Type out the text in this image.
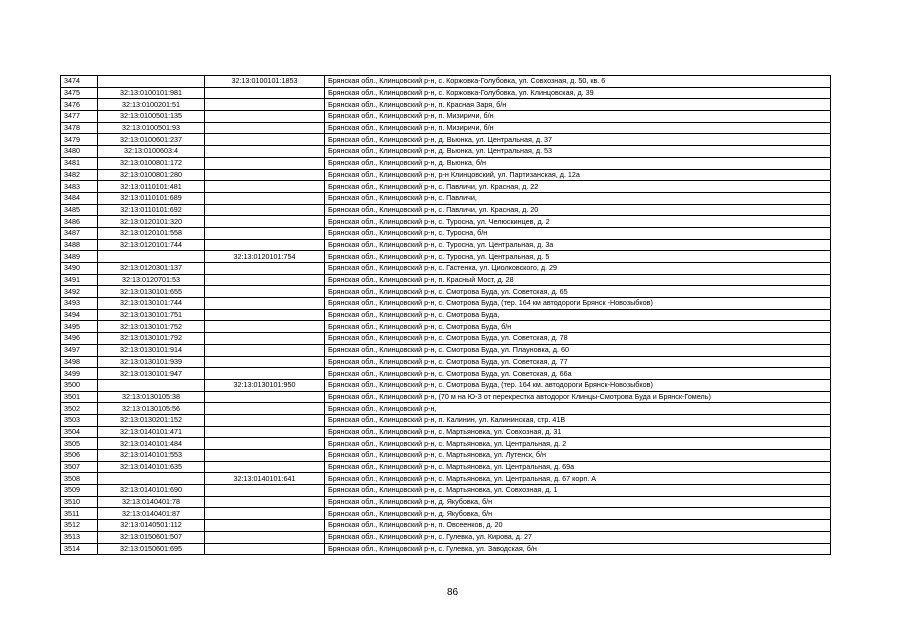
3474		32:13:0100101:1853	Брянская обл., Клинцовский р-н, с. Коржовка-Голубовка, ул. Совхозная, д. 50, кв. 6
3475	32:13:0100101:981		Брянская обл., Клинцовский р-н, с. Коржовка-Голубовка, ул. Клинцовская, д. 39
3476	32:13:0100201:51		Брянская обл., Клинцовский р-н, п. Красная Заря, б/н
3477	32:13:0100501:135		Брянская обл., Клинцовский р-н, п. Мизиричи, б/н
3478	32:13:0100501:93		Брянская обл., Клинцовский р-н, п. Мизиричи, б/н
3479	32:13:0100601:237		Брянская обл., Клинцовский р-н, д. Вьюнка, ул. Центральная, д. 37
3480	32:13:0100603:4		Брянская обл., Клинцовский р-н, д. Вьюнка, ул. Центральная, д. 53
3481	32:13:0100801:172		Брянская обл., Клинцовский р-н, д. Вьюнка, б/н
3482	32:13:0100801:280		Брянская обл., Клинцовский р-н, р-н Клинцовский, ул. Партизанская, д. 12а
3483	32:13:0110101:481		Брянская обл., Клинцовский р-н, с. Павличи, ул. Красная, д. 22
3484	32:13:0110101:689		Брянская обл., Клинцовский р-н, с. Павличи,
3485	32:13:0110101:692		Брянская обл., Клинцовский р-н, с. Павличи, ул. Красная, д. 20
3486	32:13:0120101:320		Брянская обл., Клинцовский р-н, с. Туросна, ул. Челюскинцев, д. 2
3487	32:13:0120101:558		Брянская обл., Клинцовский р-н, с. Туросна, б/н
3488	32:13:0120101:744		Брянская обл., Клинцовский р-н, с. Туросна, ул. Центральная, д. 3а
3489		32:13:0120101:754	Брянская обл., Клинцовский р-н, с. Туросна, ул. Центральная, д. 5
3490	32:13:0120301:137		Брянская обл., Клинцовский р-н, с. Гастенка, ул. Циолковского, д. 29
3491	32:13:0120701:53		Брянская обл., Клинцовский р-н, п. Красный Мост, д. 28
3492	32:13:0130101:655		Брянская обл., Клинцовский р-н, с. Смотрова Буда, ул. Советская, д. 65
3493	32:13:0130101:744		Брянская обл., Клинцовский р-н, с. Смотрова Буда, (тер. 164 км автодороги Брянск -Новозыбков)
3494	32:13:0130101:751		Брянская обл., Клинцовский р-н, с. Смотрова Буда,
3495	32:13:0130101:752		Брянская обл., Клинцовский р-н, с. Смотрова Буда, б/н
3496	32:13:0130101:792		Брянская обл., Клинцовский р-н, с. Смотрова Буда, ул. Советская, д. 78
3497	32:13:0130101:914		Брянская обл., Клинцовский р-н, с. Смотрова Буда, ул. Плауновка, д. 60
3498	32:13:0130101:939		Брянская обл., Клинцовский р-н, с. Смотрова Буда, ул. Советская, д. 77
3499	32:13:0130101:947		Брянская обл., Клинцовский р-н, с. Смотрова Буда, ул. Советская, д. 66а
3500		32:13:0130101:950	Брянская обл., Клинцовский р-н, с. Смотрова Буда, (тер. 164 км. автодороги Брянск-Новозыбков)
3501	32:13:0130105:38		Брянская обл., Клинцовский р-н, (70 м на Ю-З от перекрестка автодорог Клинцы-Смотрова Буда и Брянск-Гомель)
3502	32:13:0130105:56		Брянская обл., Клинцовский р-н,
3503	32:13:0130201:152		Брянская обл., Клинцовский р-н, п. Калинин, ул. Калининская, стр. 41В
3504	32:13:0140101:471		Брянская обл., Клинцовский р-н, с. Мартьяновка, ул. Совхозная, д. 31
3505	32:13:0140101:484		Брянская обл., Клинцовский р-н, с. Мартьяновка, ул. Центральная, д. 2
3506	32:13:0140101:553		Брянская обл., Клинцовский р-н, с. Мартьяновка, ул. Лутенск, б/н
3507	32:13:0140101:635		Брянская обл., Клинцовский р-н, с. Мартьяновка, ул. Центральная, д. 69а
3508		32:13:0140101:641	Брянская обл., Клинцовский р-н, с. Мартьяновка, ул. Центральная, д. 67 корп. А
3509	32:13:0140101:690		Брянская обл., Клинцовский р-н, с. Мартьяновка, ул. Совхозная, д. 1
3510	32:13:0140401:78		Брянская обл., Клинцовский р-н, д. Якубовка, б/н
3511	32:13:0140401:87		Брянская обл., Клинцовский р-н, д. Якубовка, б/н
3512	32:13:0140501:112		Брянская обл., Клинцовский р-н, п. Овсеенков, д. 20
3513	32:13:0150601:507		Брянская обл., Клинцовский р-н, с. Гулевка, ул. Кирова, д. 27
3514	32:13:0150601:695		Брянская обл., Клинцовский р-н, с. Гулевка, ул. Заводская, б/н
86
